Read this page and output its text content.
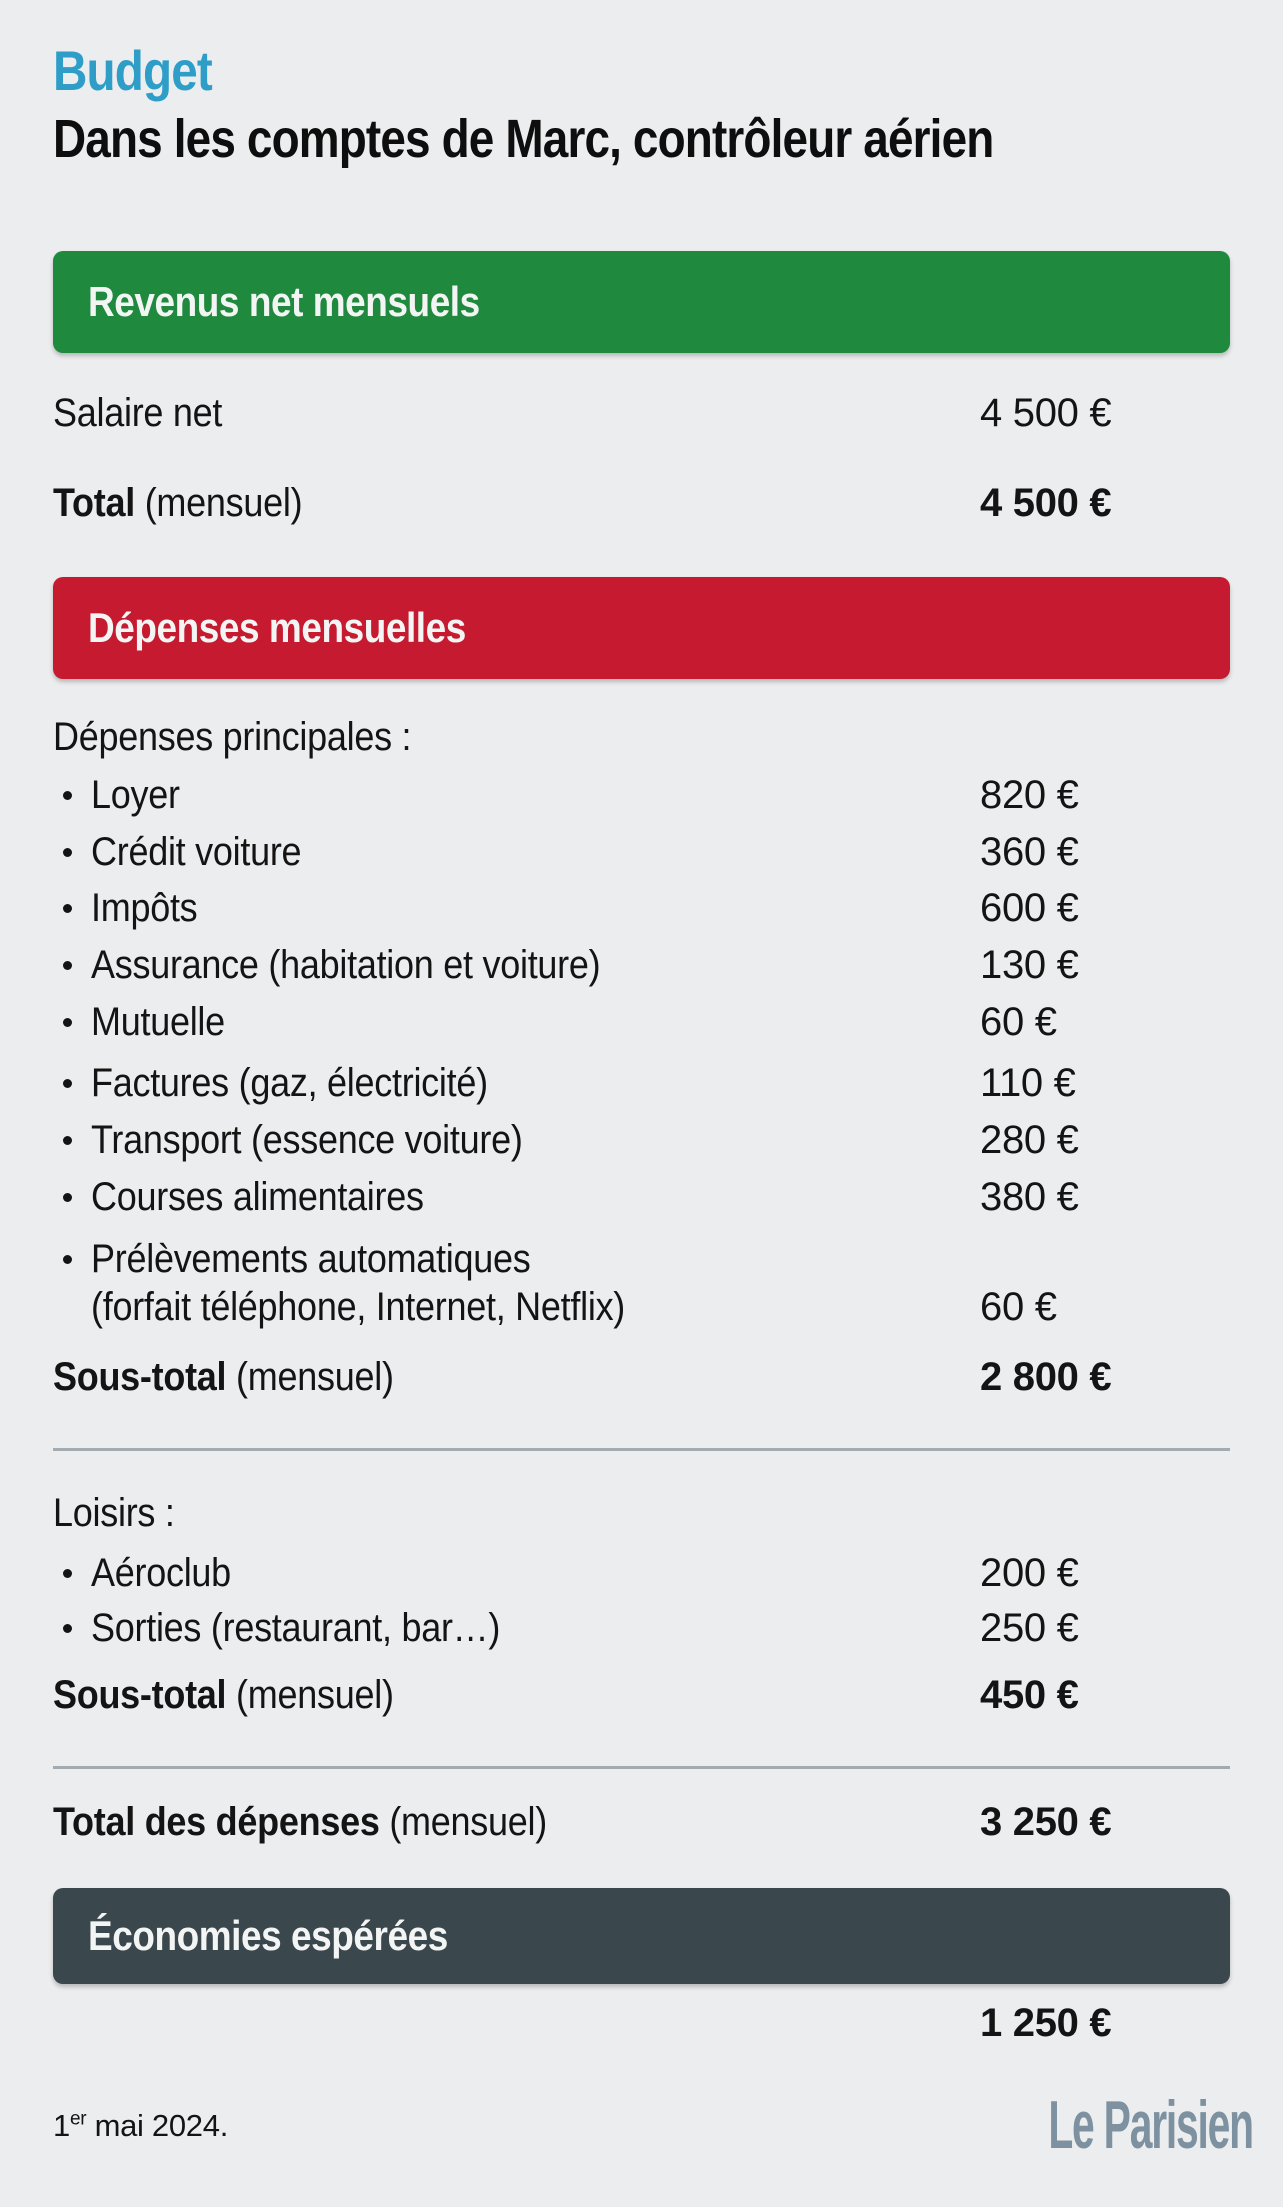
Budget
Dans les comptes de Marc, contrôleur aérien
Revenus net mensuels
Salaire net	4 500 €
Total (mensuel)	4 500 €
Dépenses mensuelles
Dépenses principales :
Loyer	820 €
Crédit voiture	360 €
Impôts	600 €
Assurance (habitation et voiture)	130 €
Mutuelle	60 €
Factures (gaz, électricité)	110 €
Transport (essence voiture)	280 €
Courses alimentaires	380 €
Prélèvements automatiques
(forfait téléphone, Internet, Netflix)	60 €
Sous-total (mensuel)	2 800 €
Loisirs :
Aéroclub	200 €
Sorties (restaurant, bar…)	250 €
Sous-total (mensuel)	450 €
Total des dépenses (mensuel)	3 250 €
Économies espérées
1 250 €
1er mai 2024.	Le Parisien
